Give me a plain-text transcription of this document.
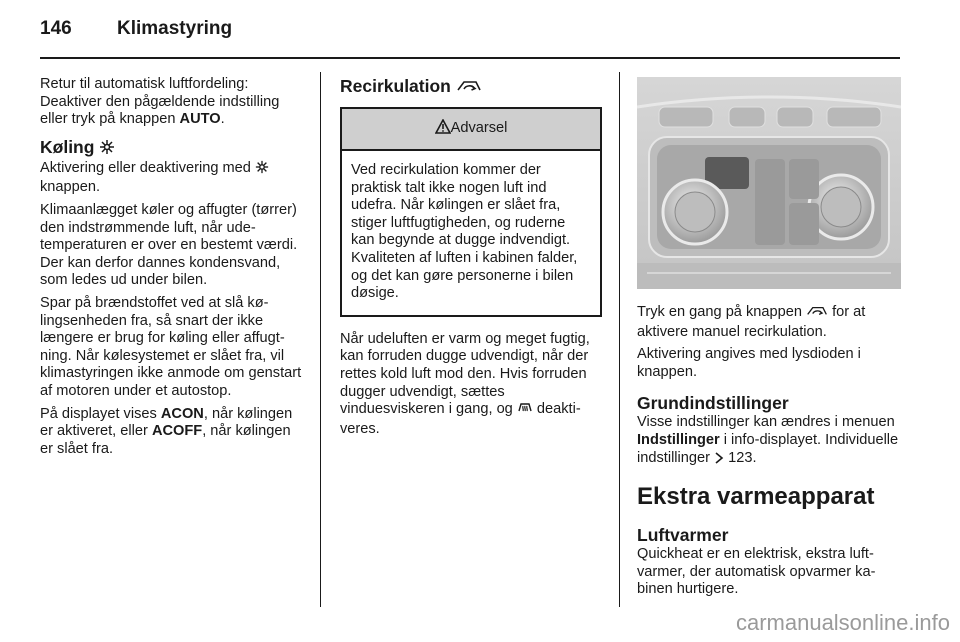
146 Klimastyring

Retur til automatisk luftfordeling: Deaktiver den pågældende indstilling eller tryk på knappen AUTO.

Køling

Aktivering eller deaktivering med  knappen.

Klimaanlægget køler og affugter (tørrer) den indstrømmende luft, når udetemperaturen er over en bestemt værdi. Der kan derfor dannes kondensvand, som ledes ud under bilen.

Spar på brændstoffet ved at slå kølingsenheden fra, så snart der ikke længere er brug for køling eller affugtning. Når kølesystemet er slået fra, vil klimastyringen ikke anmode om genstart af motoren under et autostop.

På displayet vises ACON, når kølingen er aktiveret, eller ACOFF, når kølingen er slået fra.

Recirkulation
Advarsel
Ved recirkulation kommer der praktisk talt ikke nogen luft ind udefra. Når kølingen er slået fra, stiger luftfugtigheden, og ruderne kan begynde at dugge indvendigt. Kvaliteten af luften i kabinen falder, og det kan gøre personerne i bilen døsige.

Når udeluften er varm og meget fugtig, kan forruden dugge udvendigt, når der rettes kold luft mod den. Hvis forruden dugger udvendigt, sættes vinduesviskeren i gang, og  deaktiveres.

Tryk en gang på knappen  for at aktivere manuel recirkulation.

Aktivering angives med lysdioden i knappen.

Grundindstillinger

Visse indstillinger kan ændres i menuen Indstillinger i info-displayet. Individuelle indstillinger  123.

Ekstra varmeapparat
Luftvarmer

Quickheat er en elektrisk, ekstra luftvarmer, der automatisk opvarmer kabinen hurtigere.

carmanualsonline.info
